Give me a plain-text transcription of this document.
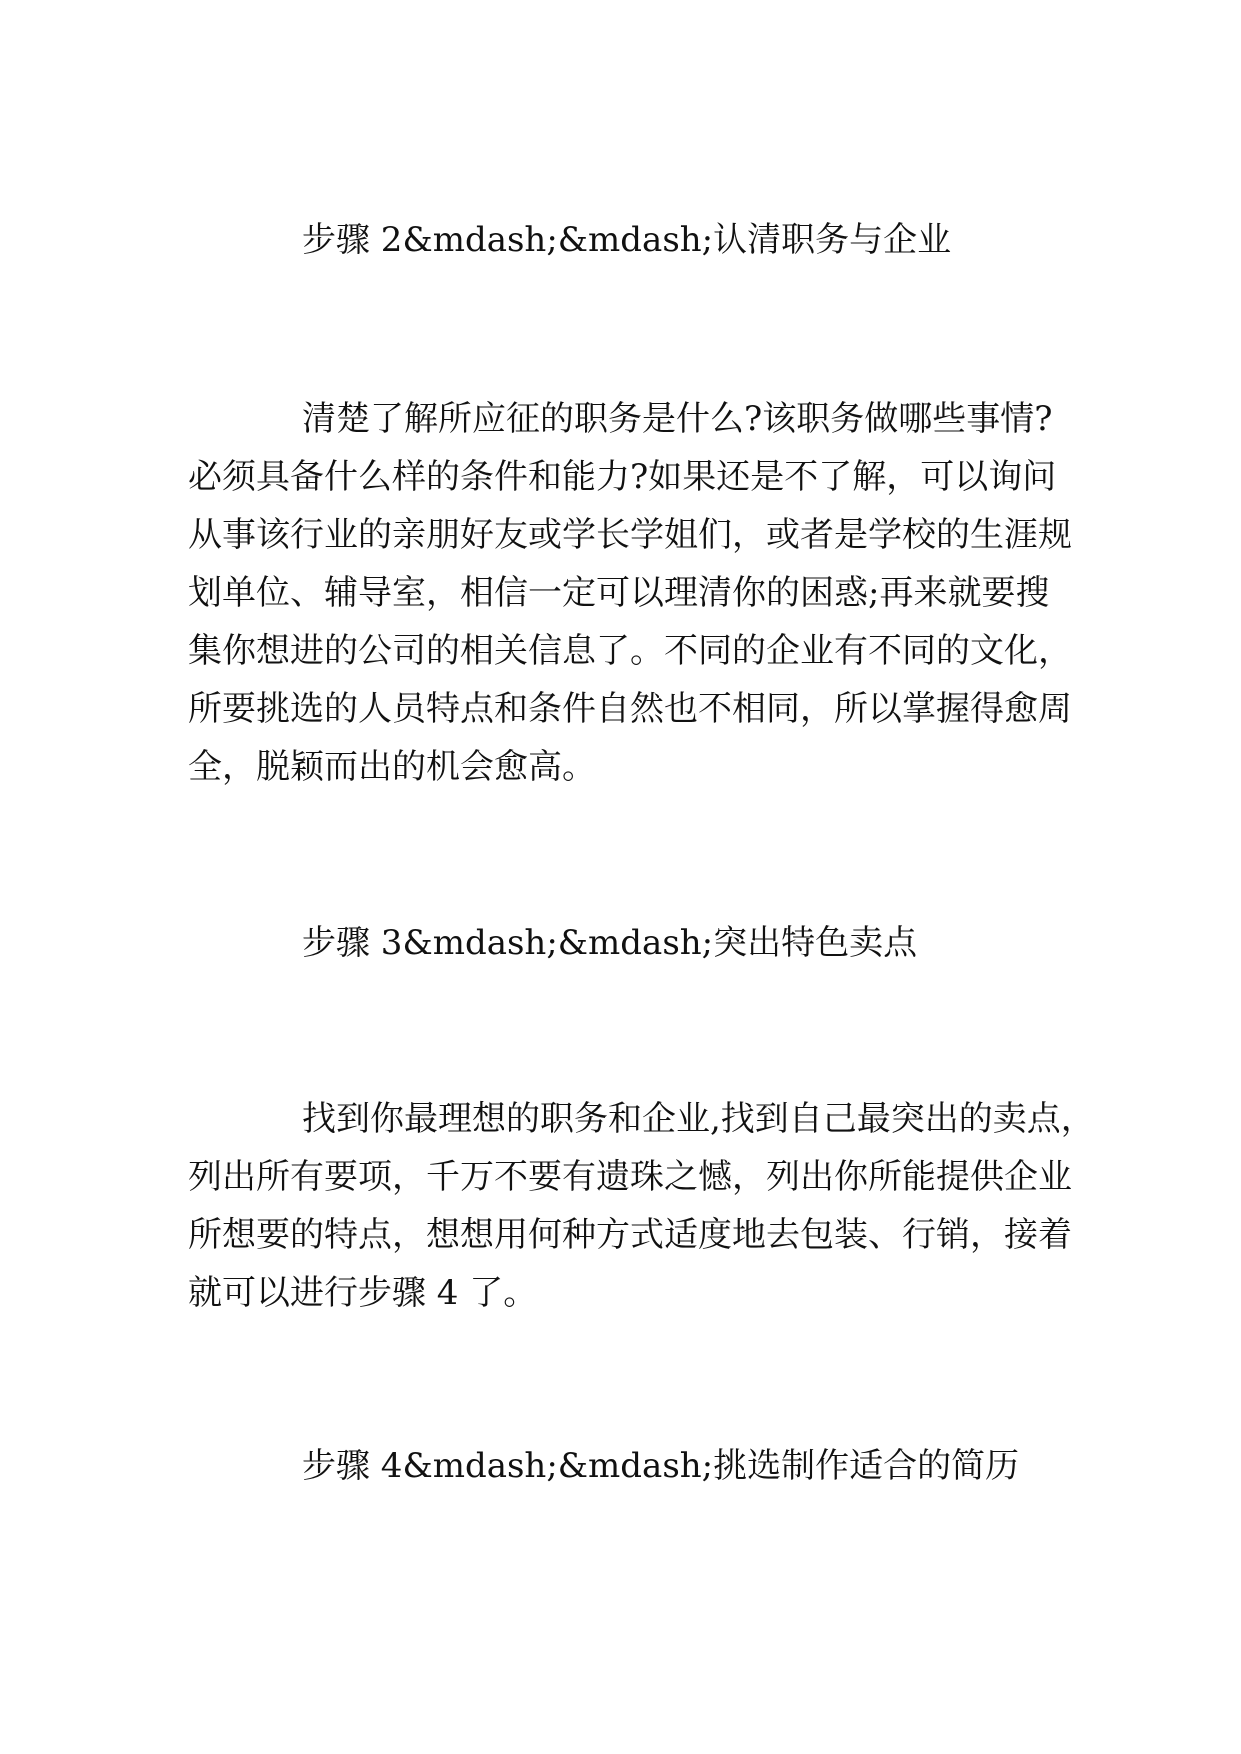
步骤 2&mdash;&mdash;认清职务与企业
清楚了解所应征的职务是什么?该职务做哪些事情?
必须具备什么样的条件和能力?如果还是不了解，可以询问
从事该行业的亲朋好友或学长学姐们，或者是学校的生涯规
划单位、辅导室，相信一定可以理清你的困惑;再来就要搜
集你想进的公司的相关信息了。不同的企业有不同的文化，
所要挑选的人员特点和条件自然也不相同，所以掌握得愈周
全，脱颖而出的机会愈高。
步骤 3&mdash;&mdash;突出特色卖点
找到你最理想的职务和企业,找到自己最突出的卖点，
列出所有要项，千万不要有遗珠之憾，列出你所能提供企业
所想要的特点，想想用何种方式适度地去包装、行销，接着
就可以进行步骤 4 了。
步骤 4&mdash;&mdash;挑选制作适合的简历
